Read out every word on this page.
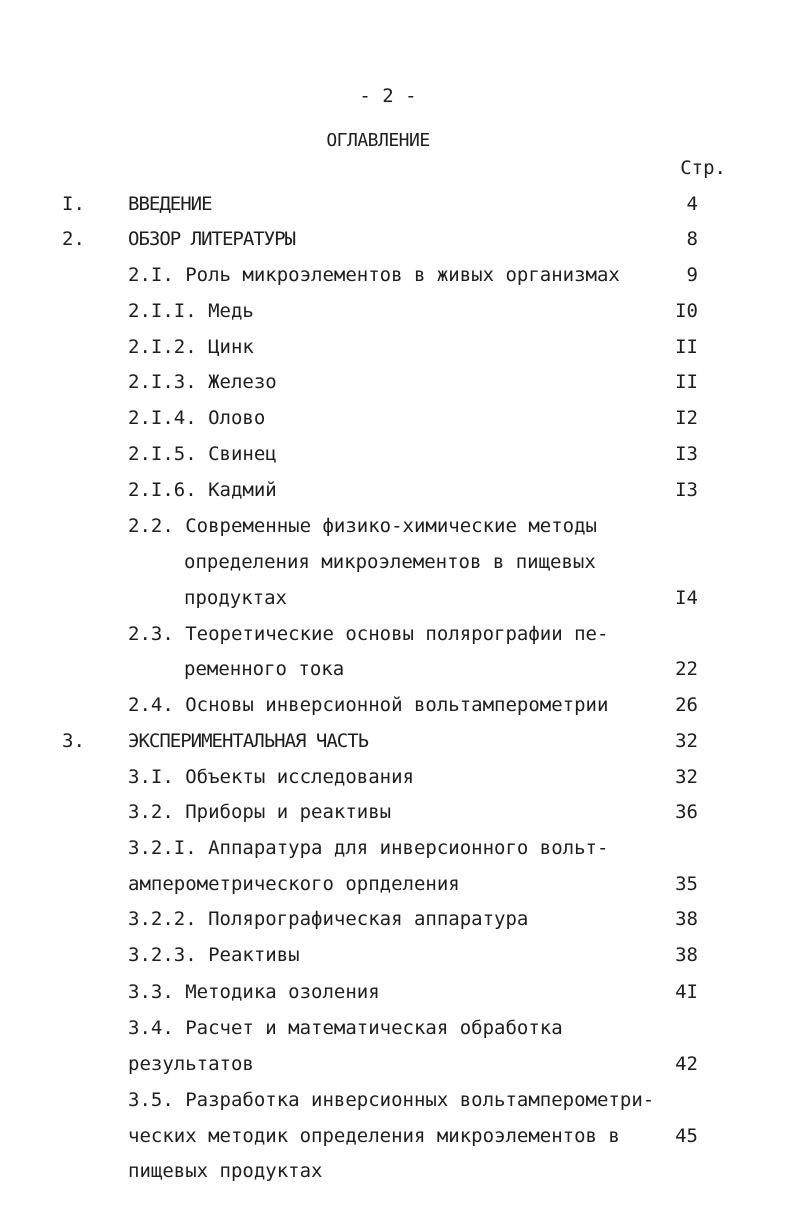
- 2 -
ОГЛАВЛЕНИЕ
Стр.
I. ВВЕДЕНИЕ	4
2. ОБЗОР ЛИТЕРАТУРЫ	8
2.I. Роль микроэлементов в живых организмах	9
2.I.I. Медь	I0
2.I.2. Цинк	II
2.I.3. Железо	II
2.I.4. Олово	I2
2.I.5. Свинец	I3
2.I.6. Кадмий	I3
2.2. Современные физико-химические методы
определения микроэлементов в пищевых
продуктах	I4
2.3. Теоретические основы полярографии пе-
ременного тока	22
2.4. Основы инверсионной вольтамперометрии	26
3. ЭКСПЕРИМЕНТАЛЬНАЯ ЧАСТЬ	32
3.I. Объекты исследования	32
3.2. Приборы и реактивы	36
3.2.I. Аппаратура для инверсионного вольт-
амперометрического орпделения	35
3.2.2. Полярографическая аппаратура	38
3.2.3. Реактивы	38
3.3. Методика озоления	4I
3.4. Расчет и математическая обработка
результатов	42
3.5. Разработка инверсионных вольтамперометри-
ческих методик определения микроэлементов в	45
пищевых продуктах
